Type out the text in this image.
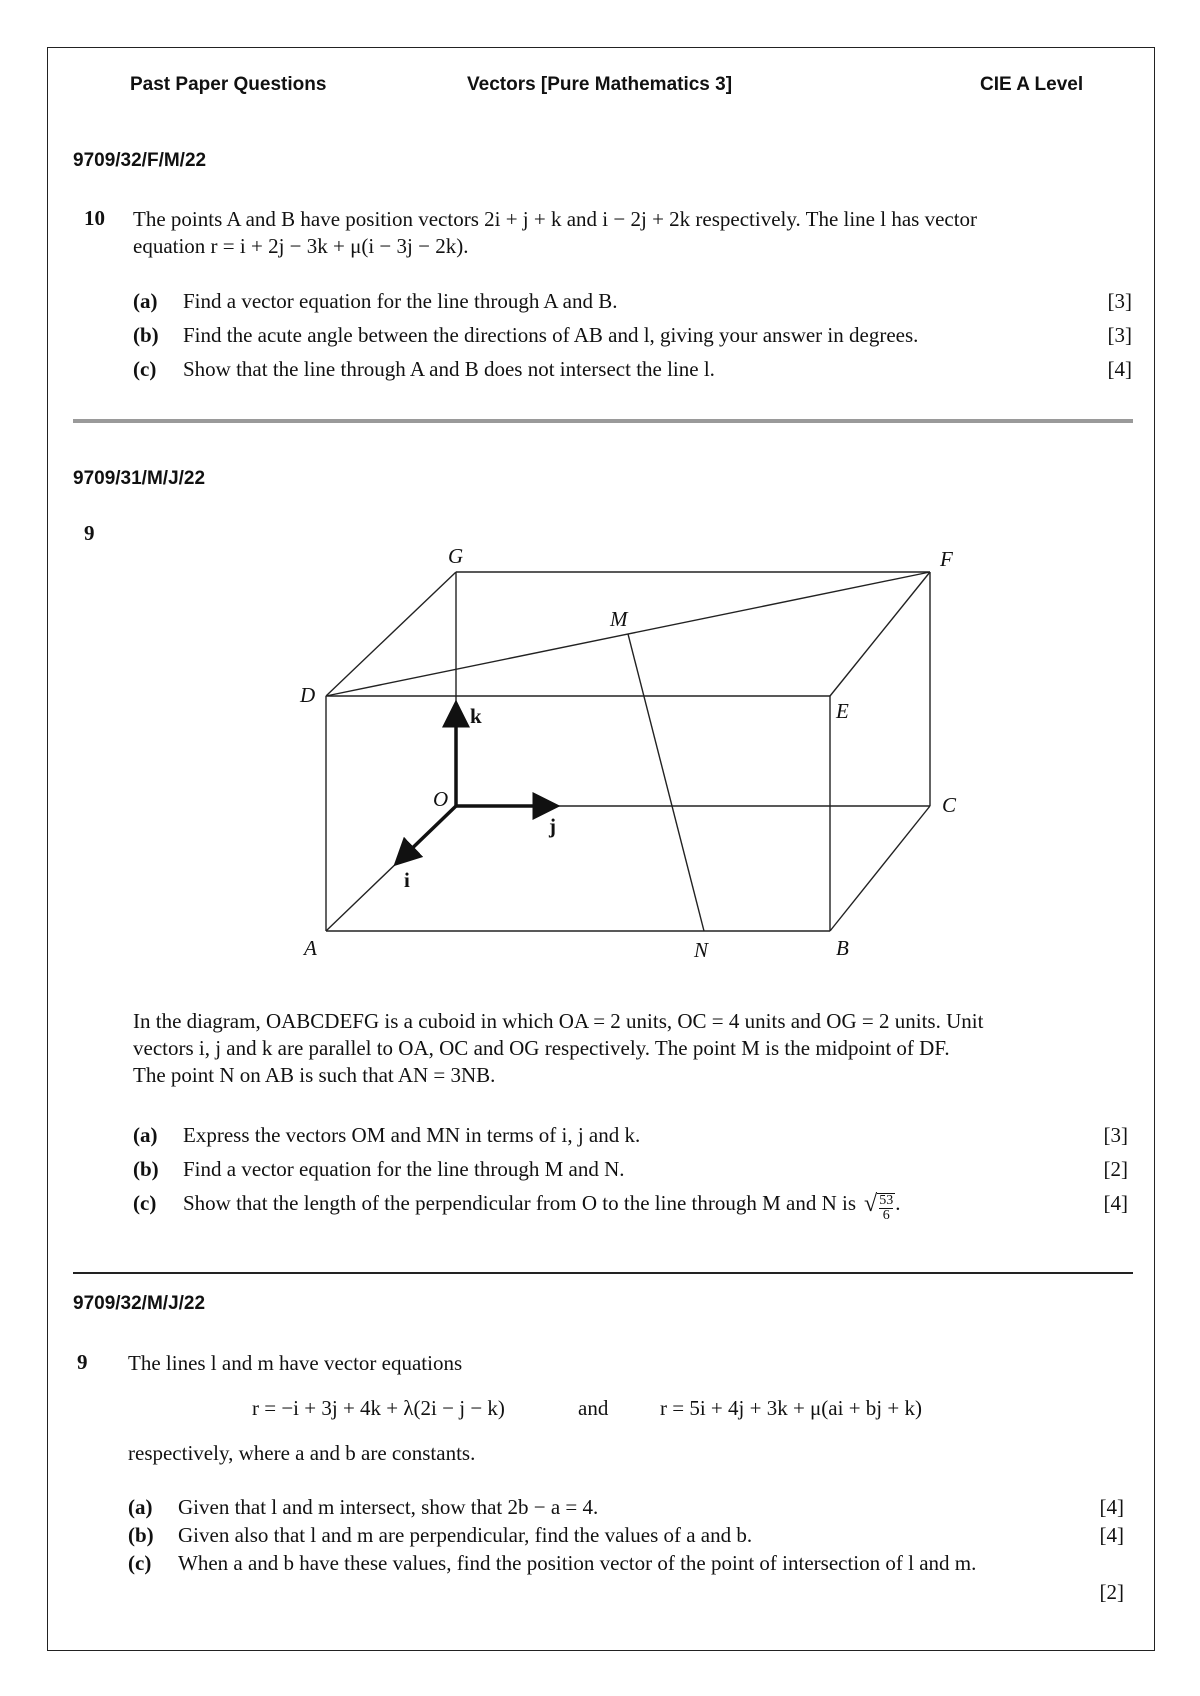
Past Paper Questions	Vectors [Pure Mathematics 3]	CIE A Level
9709/32/F/M/22
10 The points A and B have position vectors 2i + j + k and i − 2j + 2k respectively. The line l has vector
equation r = i + 2j − 3k + μ(i − 3j − 2k).
(a)	Find a vector equation for the line through A and B.	[3]
(b)	Find the acute angle between the directions of AB and l, giving your answer in degrees.	[3]
(c)	Show that the line through A and B does not intersect the line l.	[4]
9709/31/M/J/22
9
G	F
M
D
E
O	C
A	N	B
k
j
i
In the diagram, OABCDEFG is a cuboid in which OA = 2 units, OC = 4 units and OG = 2 units. Unit
vectors i, j and k are parallel to OA, OC and OG respectively. The point M is the midpoint of DF.
The point N on AB is such that AN = 3NB.
(a)	Express the vectors OM and MN in terms of i, j and k.	[3]
(b)	Find a vector equation for the line through M and N.	[2]
(c)	Show that the length of the perpendicular from O to the line through M and N is √ $\frac{53}{6}$ .	[4]
9709/32/M/J/22
9 The lines l and m have vector equations
r = −i + 3j + 4k + λ(2i − j − k)	and r = 5i + 4j + 3k + μ(ai + bj + k)
respectively, where a and b are constants.
(a)	Given that l and m intersect, show that 2b − a = 4.	[4]
(b)	Given also that l and m are perpendicular, find the values of a and b.	[4]
(c)	When a and b have these values, find the position vector of the point of intersection of l and m.
[2]
